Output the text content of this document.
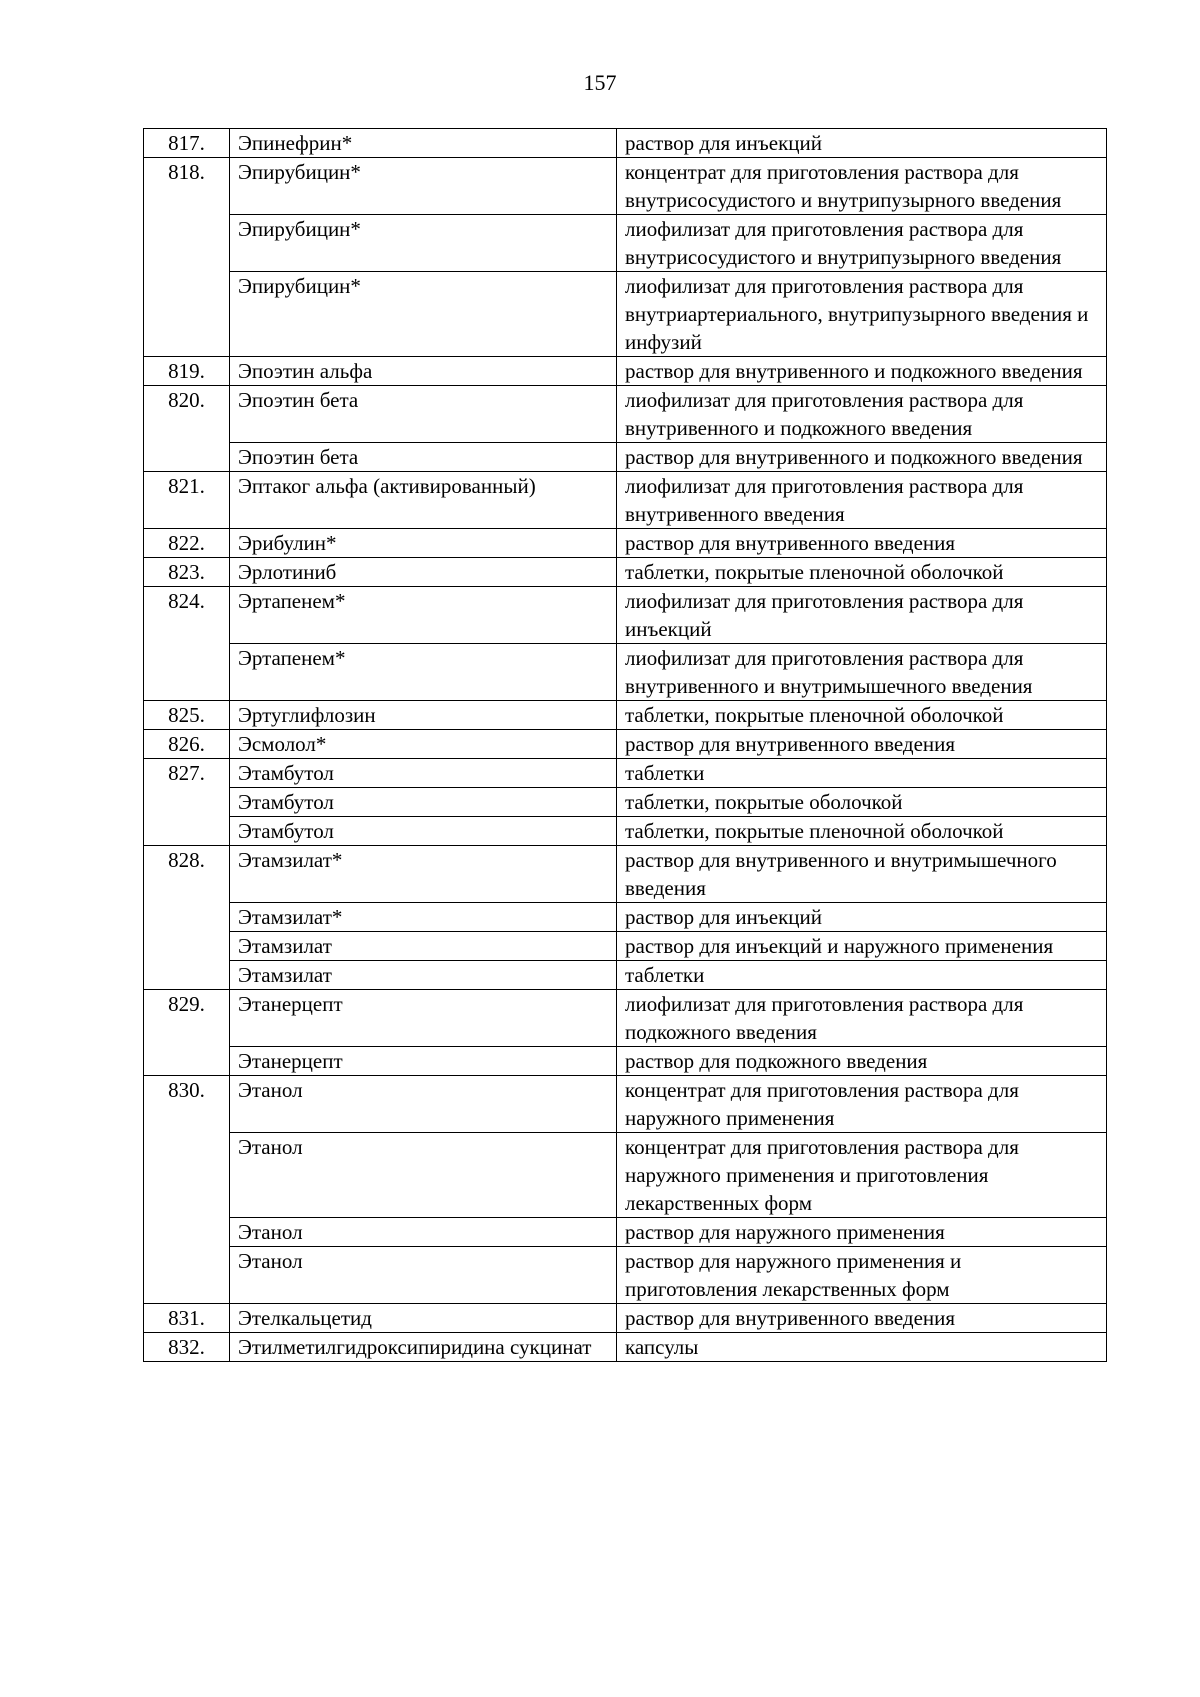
157
817.	Эпинефрин*	раствор для инъекций
818.	Эпирубицин*	концентрат для приготовления раствора для внутрисосудистого и внутрипузырного введения
	Эпирубицин*	лиофилизат для приготовления раствора для внутрисосудистого и внутрипузырного введения
	Эпирубицин*	лиофилизат для приготовления раствора для внутриартериального, внутрипузырного введения и инфузий
819.	Эпоэтин альфа	раствор для внутривенного и подкожного введения
820.	Эпоэтин бета	лиофилизат для приготовления раствора для внутривенного и подкожного введения
	Эпоэтин бета	раствор для внутривенного и подкожного введения
821.	Эптаког альфа (активированный)	лиофилизат для приготовления раствора для внутривенного введения
822.	Эрибулин*	раствор для внутривенного введения
823.	Эрлотиниб	таблетки, покрытые пленочной оболочкой
824.	Эртапенем*	лиофилизат для приготовления раствора для инъекций
	Эртапенем*	лиофилизат для приготовления раствора для внутривенного и внутримышечного введения
825.	Эртуглифлозин	таблетки, покрытые пленочной оболочкой
826.	Эсмолол*	раствор для внутривенного введения
827.	Этамбутол	таблетки
	Этамбутол	таблетки, покрытые оболочкой
	Этамбутол	таблетки, покрытые пленочной оболочкой
828.	Этамзилат*	раствор для внутривенного и внутримышечного введения
	Этамзилат*	раствор для инъекций
	Этамзилат	раствор для инъекций и наружного применения
	Этамзилат	таблетки
829.	Этанерцепт	лиофилизат для приготовления раствора для подкожного введения
	Этанерцепт	раствор для подкожного введения
830.	Этанол	концентрат для приготовления раствора для наружного применения
	Этанол	концентрат для приготовления раствора для наружного применения и приготовления лекарственных форм
	Этанол	раствор для наружного применения
	Этанол	раствор для наружного применения и приготовления лекарственных форм
831.	Этелкальцетид	раствор для внутривенного введения
832.	Этилметилгидроксипиридина сукцинат	капсулы
